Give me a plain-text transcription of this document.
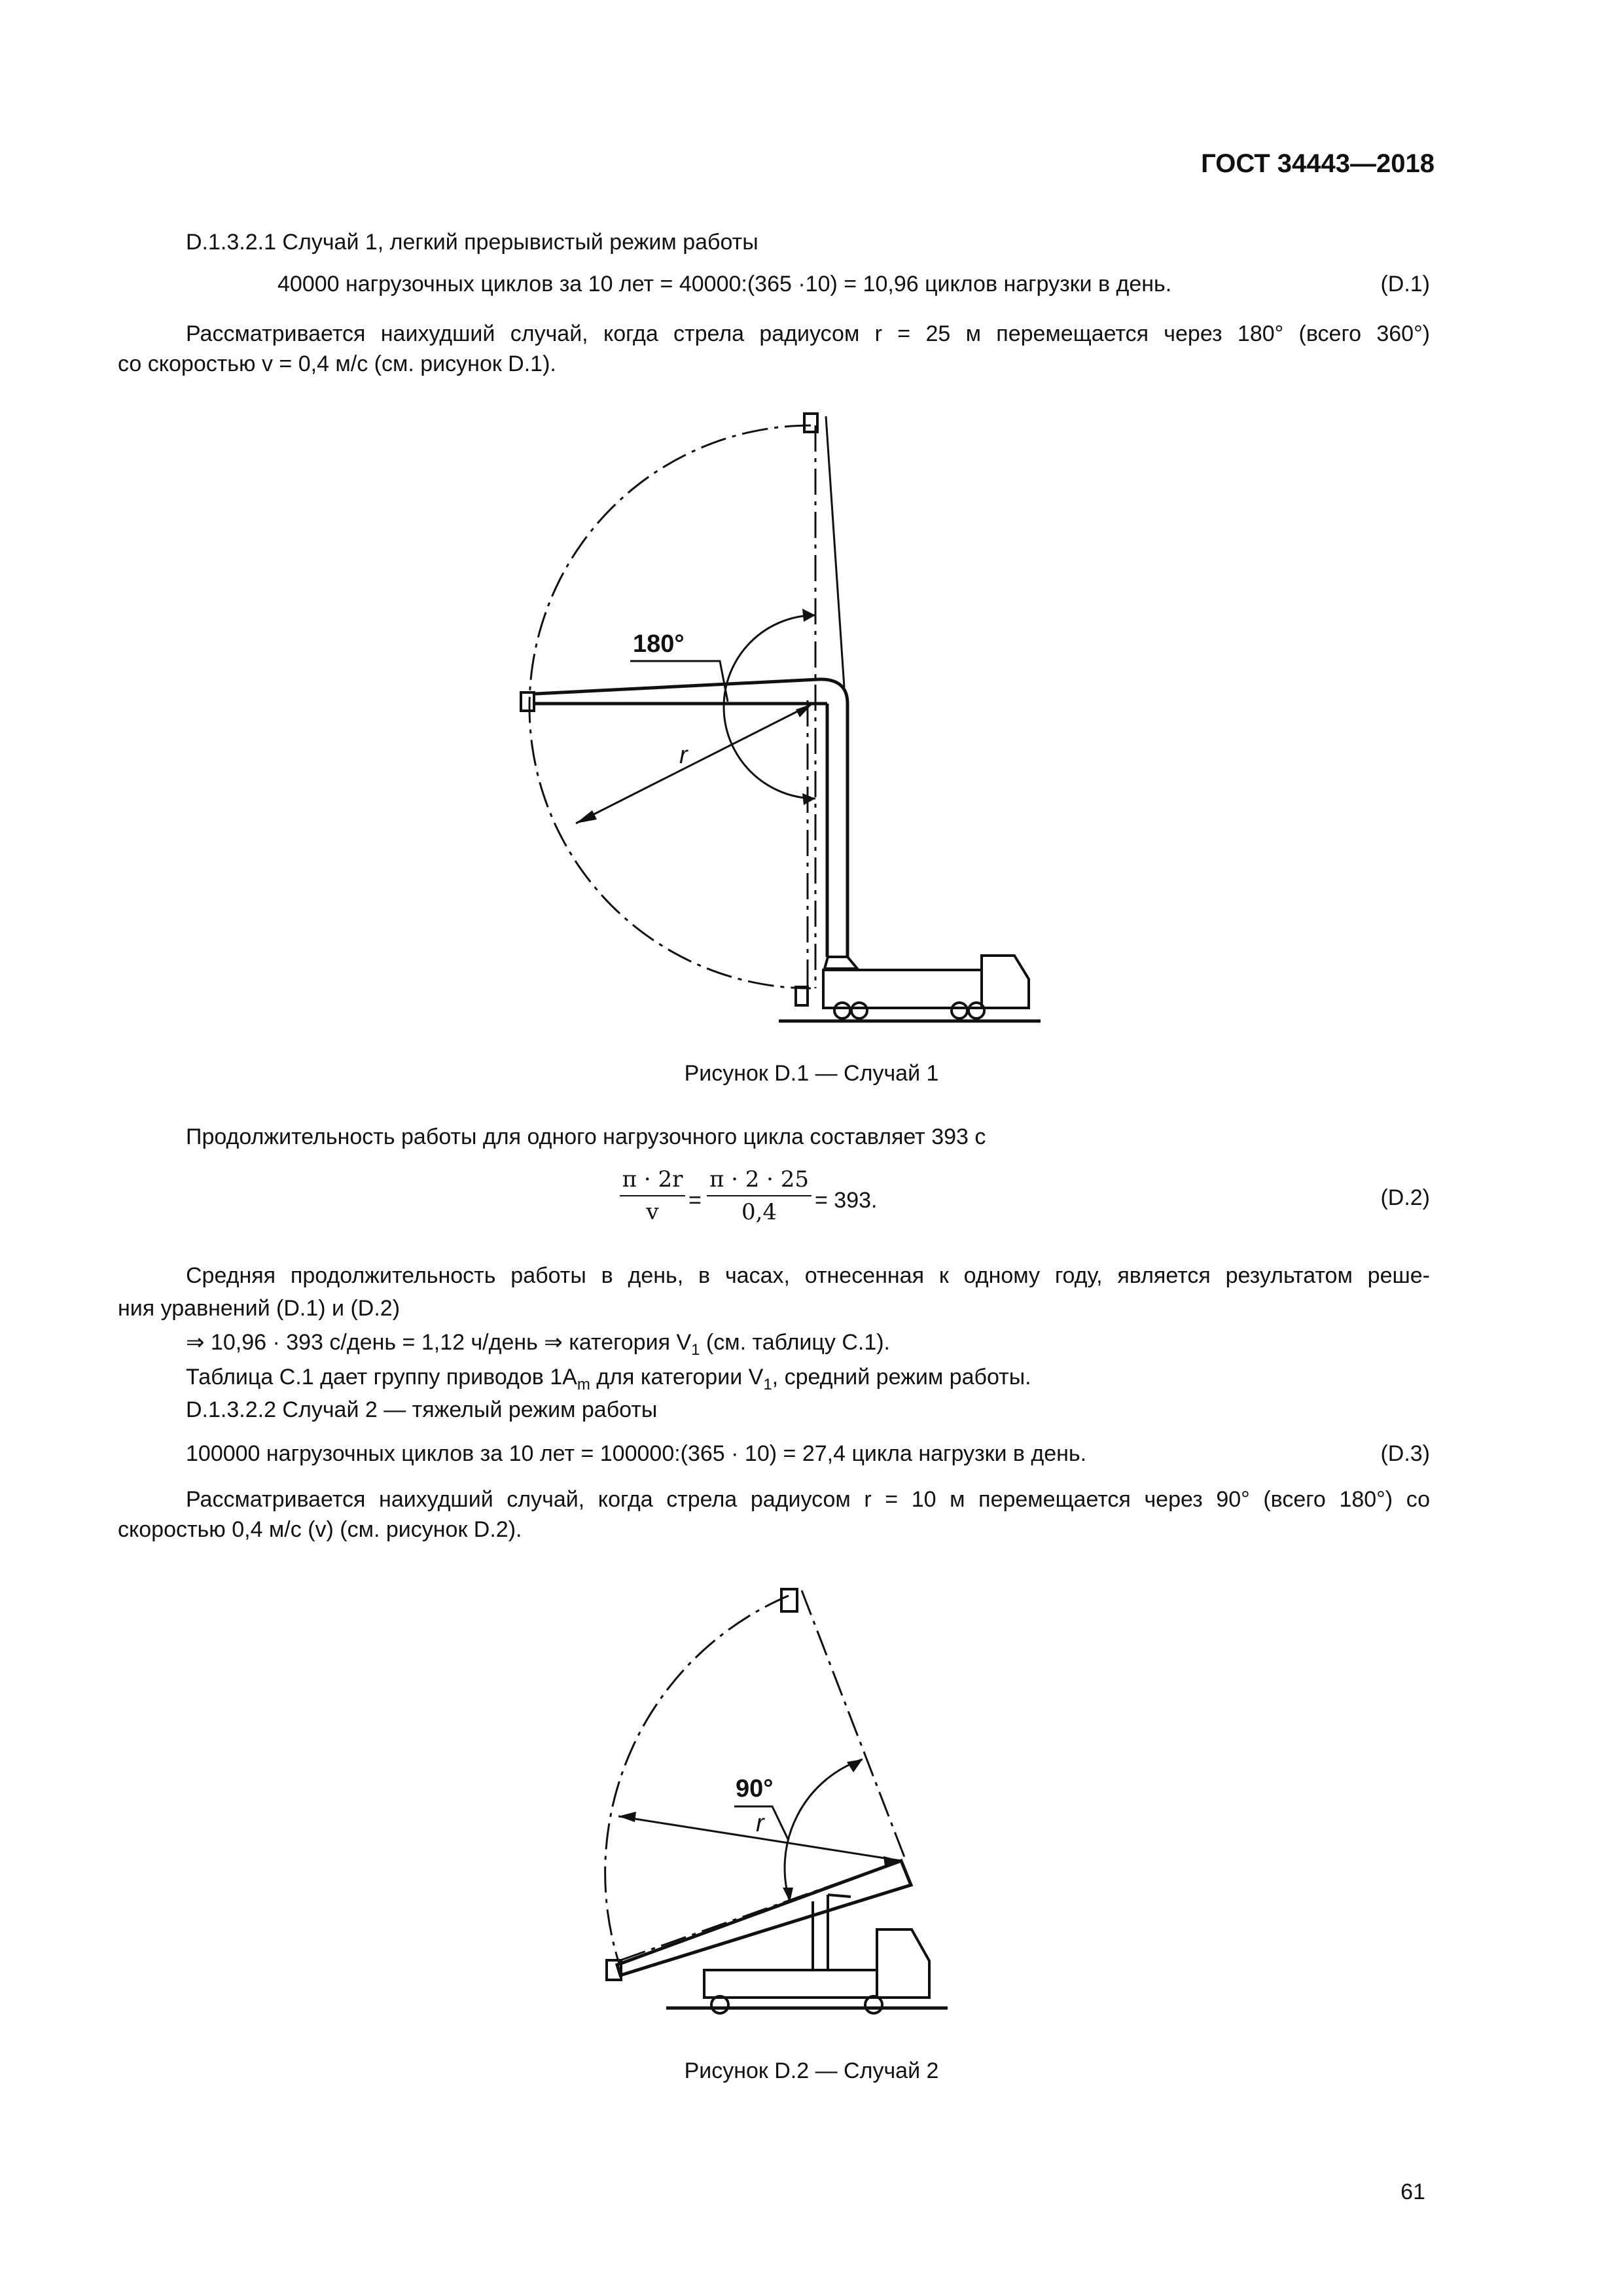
ГОСТ 34443—2018
D.1.3.2.1 Случай 1, легкий прерывистый режим работы
40000 нагрузочных циклов за 10 лет = 40000:(365 ·10) = 10,96 циклов нагрузки в день.	(D.1)
Рассматривается наихудший случай, когда стрела радиусом r = 25 м перемещается через 180° (всего 360°)
со скоростью v = 0,4 м/с (см. рисунок D.1).
180°
r
Рисунок D.1 — Случай 1
Продолжительность работы для одного нагрузочного цикла составляет 393 с
π · 2r
v	=
π · 2 · 25
0,4	= 393.	(D.2)
Средняя продолжительность работы в день, в часах, отнесенная к одному году, является результатом реше-
ния уравнений (D.1) и (D.2)
⇒ 10,96 · 393 с/день = 1,12 ч/день ⇒ категория $V_1$ (см. таблицу С.1).
Таблица С.1 дает группу приводов $1A_m$ для категории $V_1$, средний режим работы.
D.1.3.2.2 Случай 2 — тяжелый режим работы
100000 нагрузочных циклов за 10 лет = 100000:(365 · 10) = 27,4 цикла нагрузки в день.	(D.3)
Рассматривается наихудший случай, когда стрела радиусом r = 10 м перемещается через 90° (всего 180°) со
скоростью 0,4 м/с (v) (см. рисунок D.2).
90°
r
Рисунок D.2 — Случай 2
61
